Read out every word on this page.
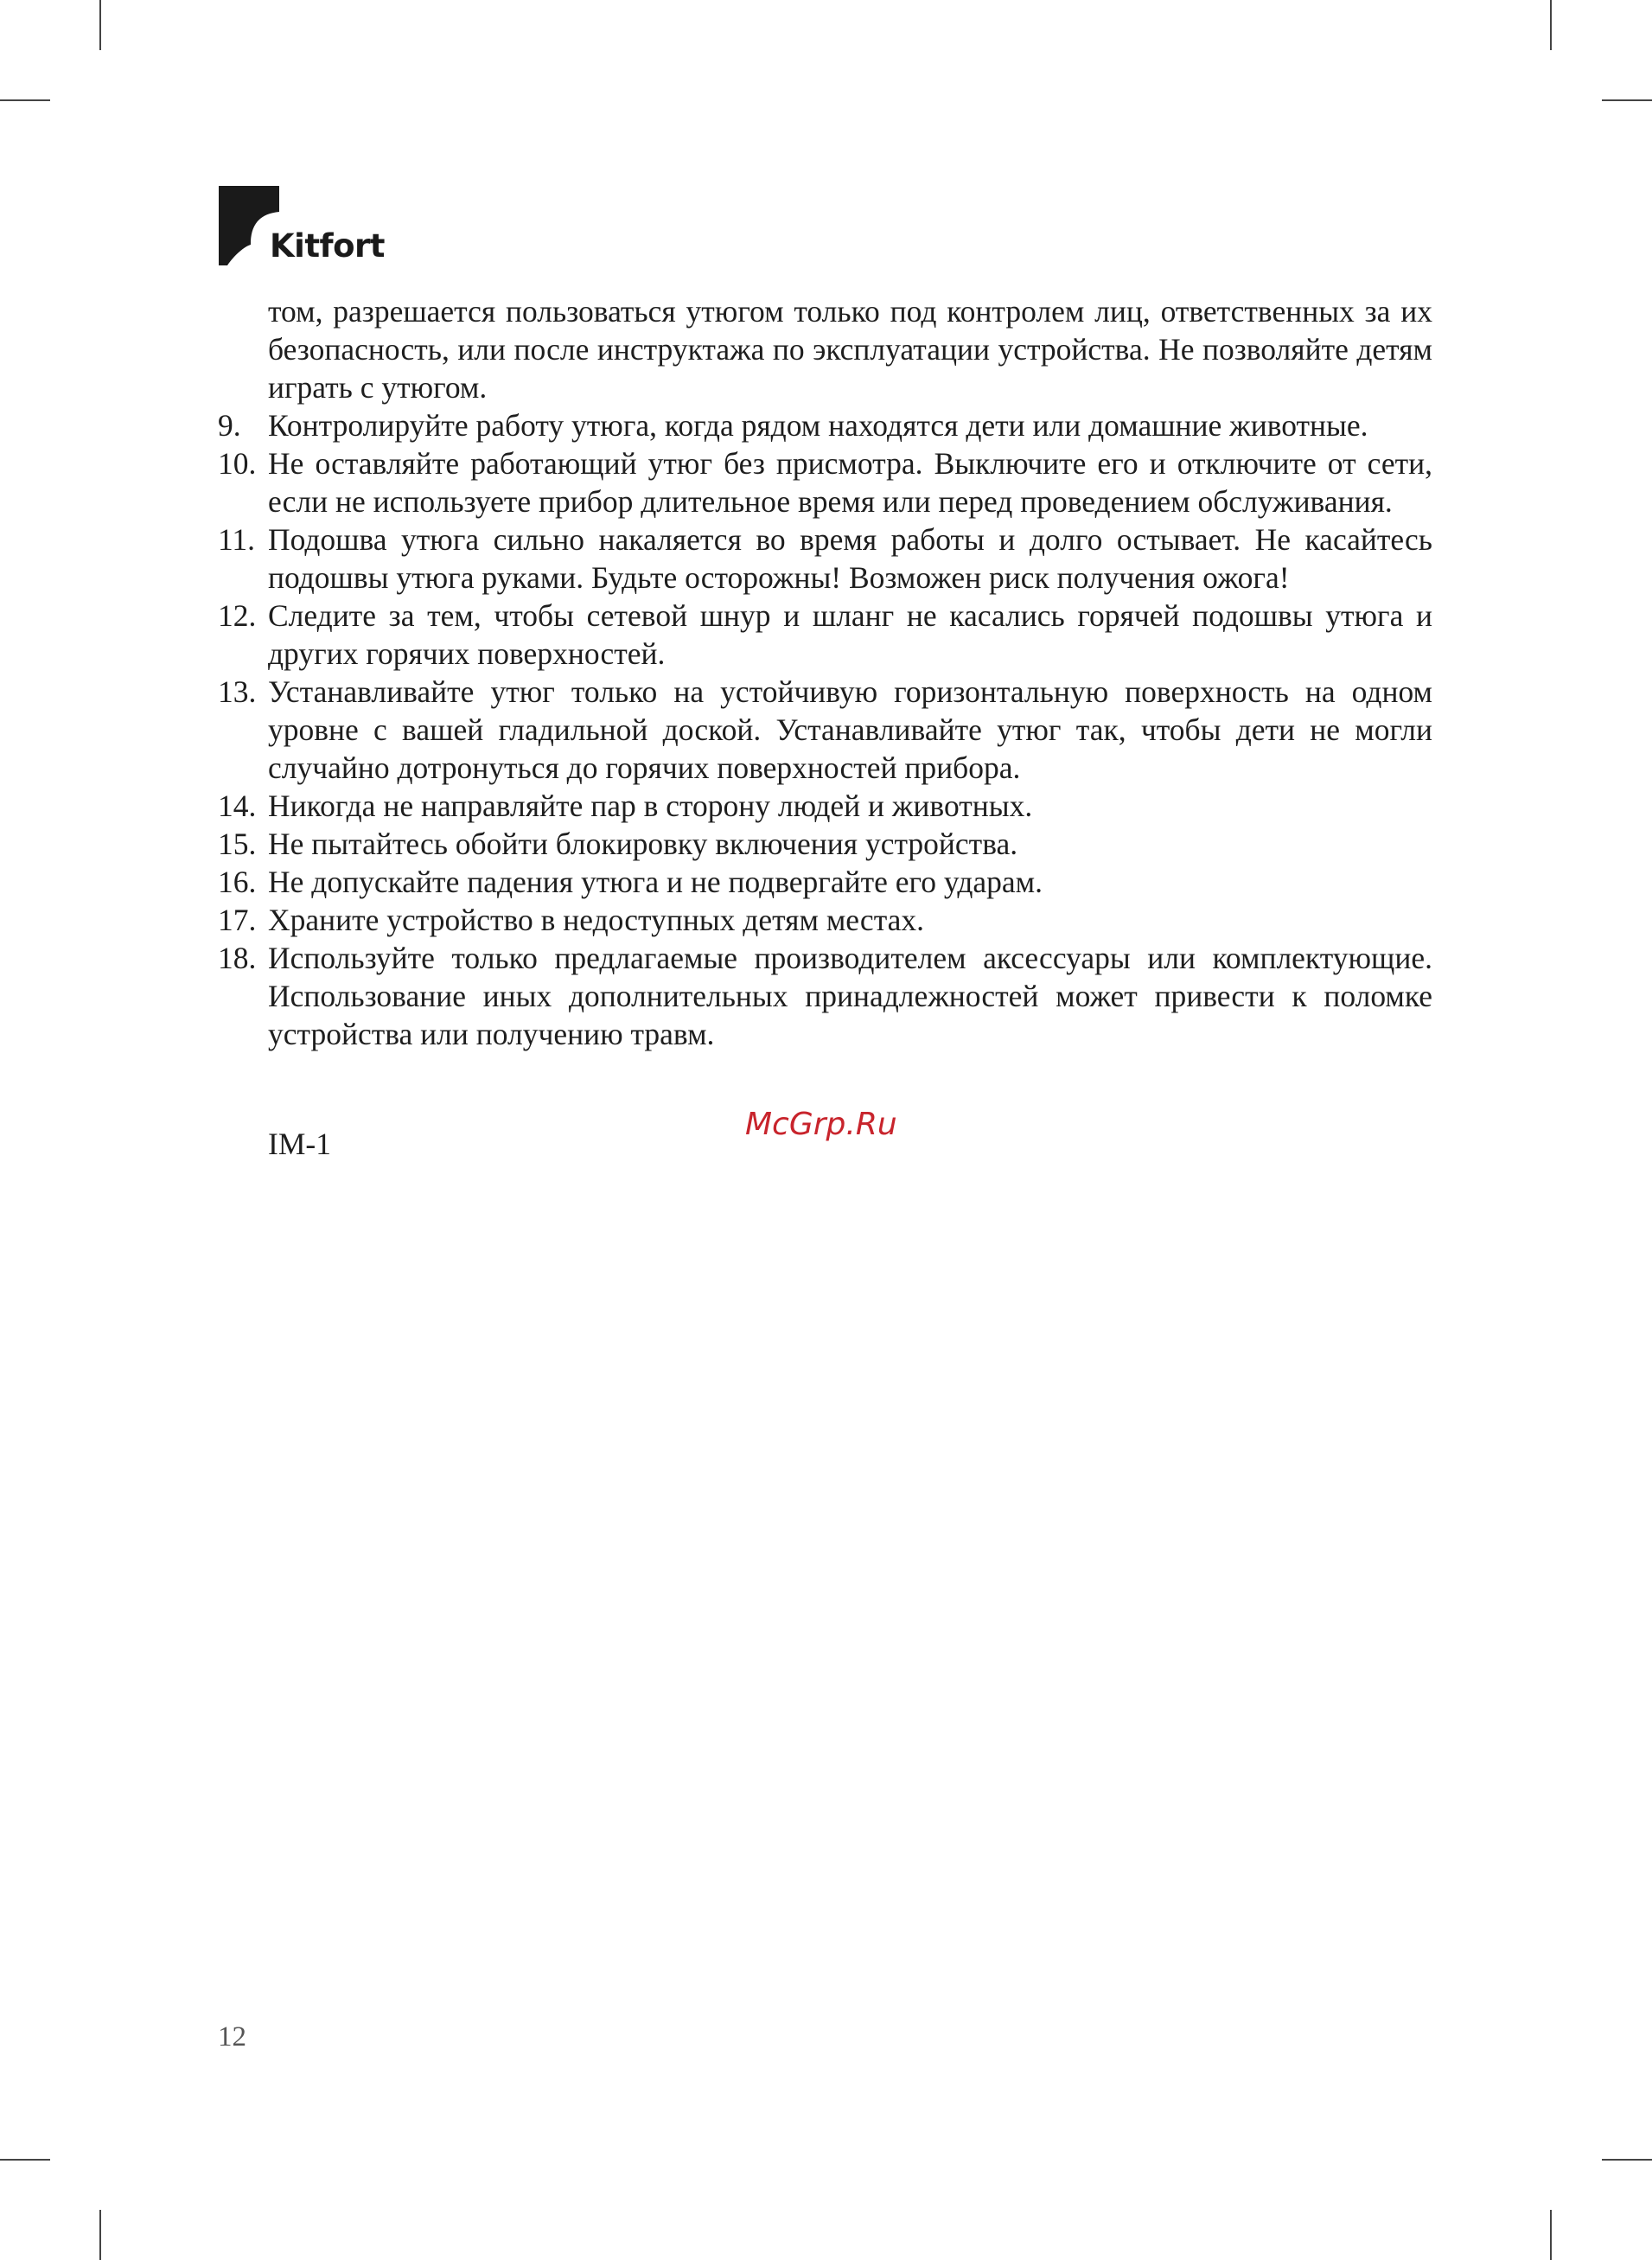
Kitfort

том, разрешается пользоваться утюгом только под контролем лиц, ответственных за их безопасность, или после инструктажа по эксплуатации устройства. Не позволяйте детям играть с утюгом.

9. Контролируйте работу утюга, когда рядом находятся дети или домашние животные.
10. Не оставляйте работающий утюг без присмотра. Выключите его и отключите от сети, если не используете прибор длительное время или перед проведением обслуживания.
11. Подошва утюга сильно накаляется во время работы и долго остывает. Не касайтесь подошвы утюга руками. Будьте осторожны! Возможен риск получения ожога!
12. Следите за тем, чтобы сетевой шнур и шланг не касались горячей подошвы утюга и других горячих поверхностей.
13. Устанавливайте утюг только на устойчивую горизонтальную поверхность на одном уровне с вашей гладильной доской. Устанавливайте утюг так, чтобы дети не могли случайно дотронуться до горячих поверхностей прибора.
14. Никогда не направляйте пар в сторону людей и животных.
15. Не пытайтесь обойти блокировку включения устройства.
16. Не допускайте падения утюга и не подвергайте его ударам.
17. Храните устройство в недоступных детям местах.
18. Используйте только предлагаемые производителем аксессуары или комплектующие. Использование иных дополнительных принадлежностей может привести к поломке устройства или получению травм.
IM-1
McGrp.Ru
12
